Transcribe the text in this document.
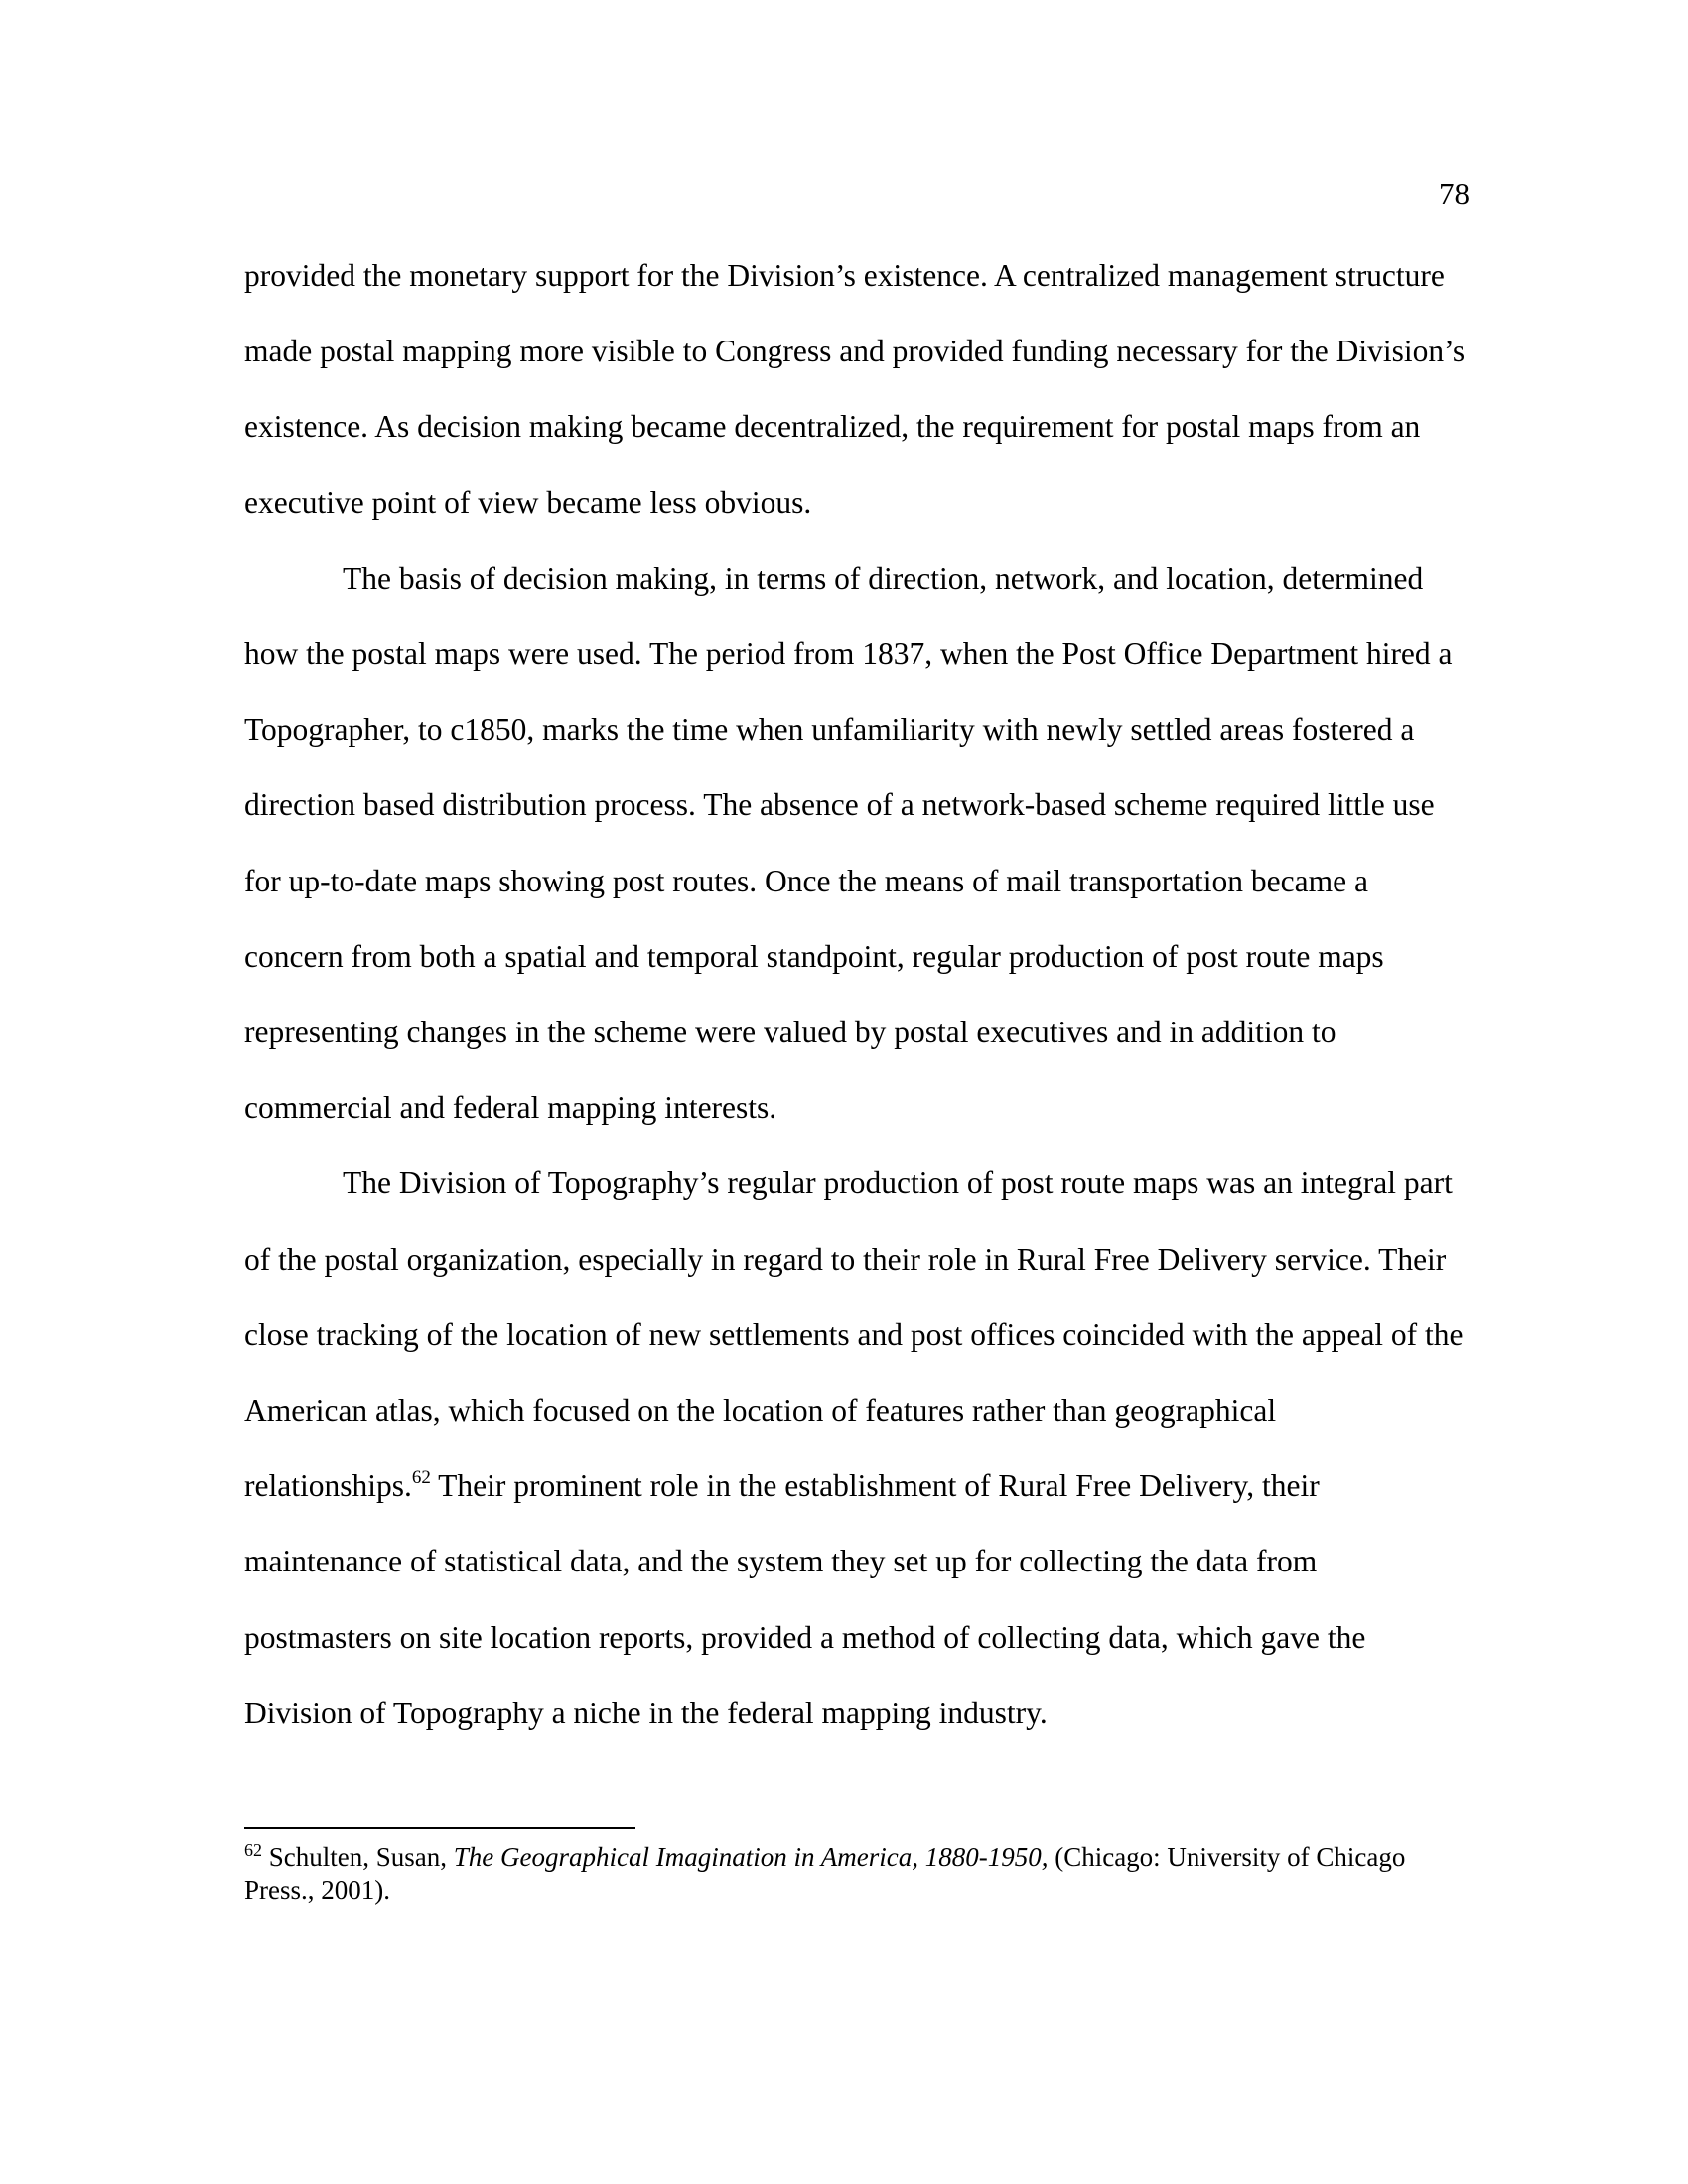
78

provided the monetary support for the Division’s existence. A centralized management structure made postal mapping more visible to Congress and provided funding necessary for the Division’s existence. As decision making became decentralized, the requirement for postal maps from an executive point of view became less obvious.

The basis of decision making, in terms of direction, network, and location, determined how the postal maps were used. The period from 1837, when the Post Office Department hired a Topographer, to c1850, marks the time when unfamiliarity with newly settled areas fostered a direction based distribution process. The absence of a network-based scheme required little use for up-to-date maps showing post routes. Once the means of mail transportation became a concern from both a spatial and temporal standpoint, regular production of post route maps representing changes in the scheme were valued by postal executives and in addition to commercial and federal mapping interests.

The Division of Topography’s regular production of post route maps was an integral part of the postal organization, especially in regard to their role in Rural Free Delivery service. Their close tracking of the location of new settlements and post offices coincided with the appeal of the American atlas, which focused on the location of features rather than geographical relationships.$^{62}$ Their prominent role in the establishment of Rural Free Delivery, their maintenance of statistical data, and the system they set up for collecting the data from postmasters on site location reports, provided a method of collecting data, which gave the Division of Topography a niche in the federal mapping industry.

$^{62}$ Schulten, Susan, The Geographical Imagination in America, 1880-1950, (Chicago: University of Chicago Press., 2001).
